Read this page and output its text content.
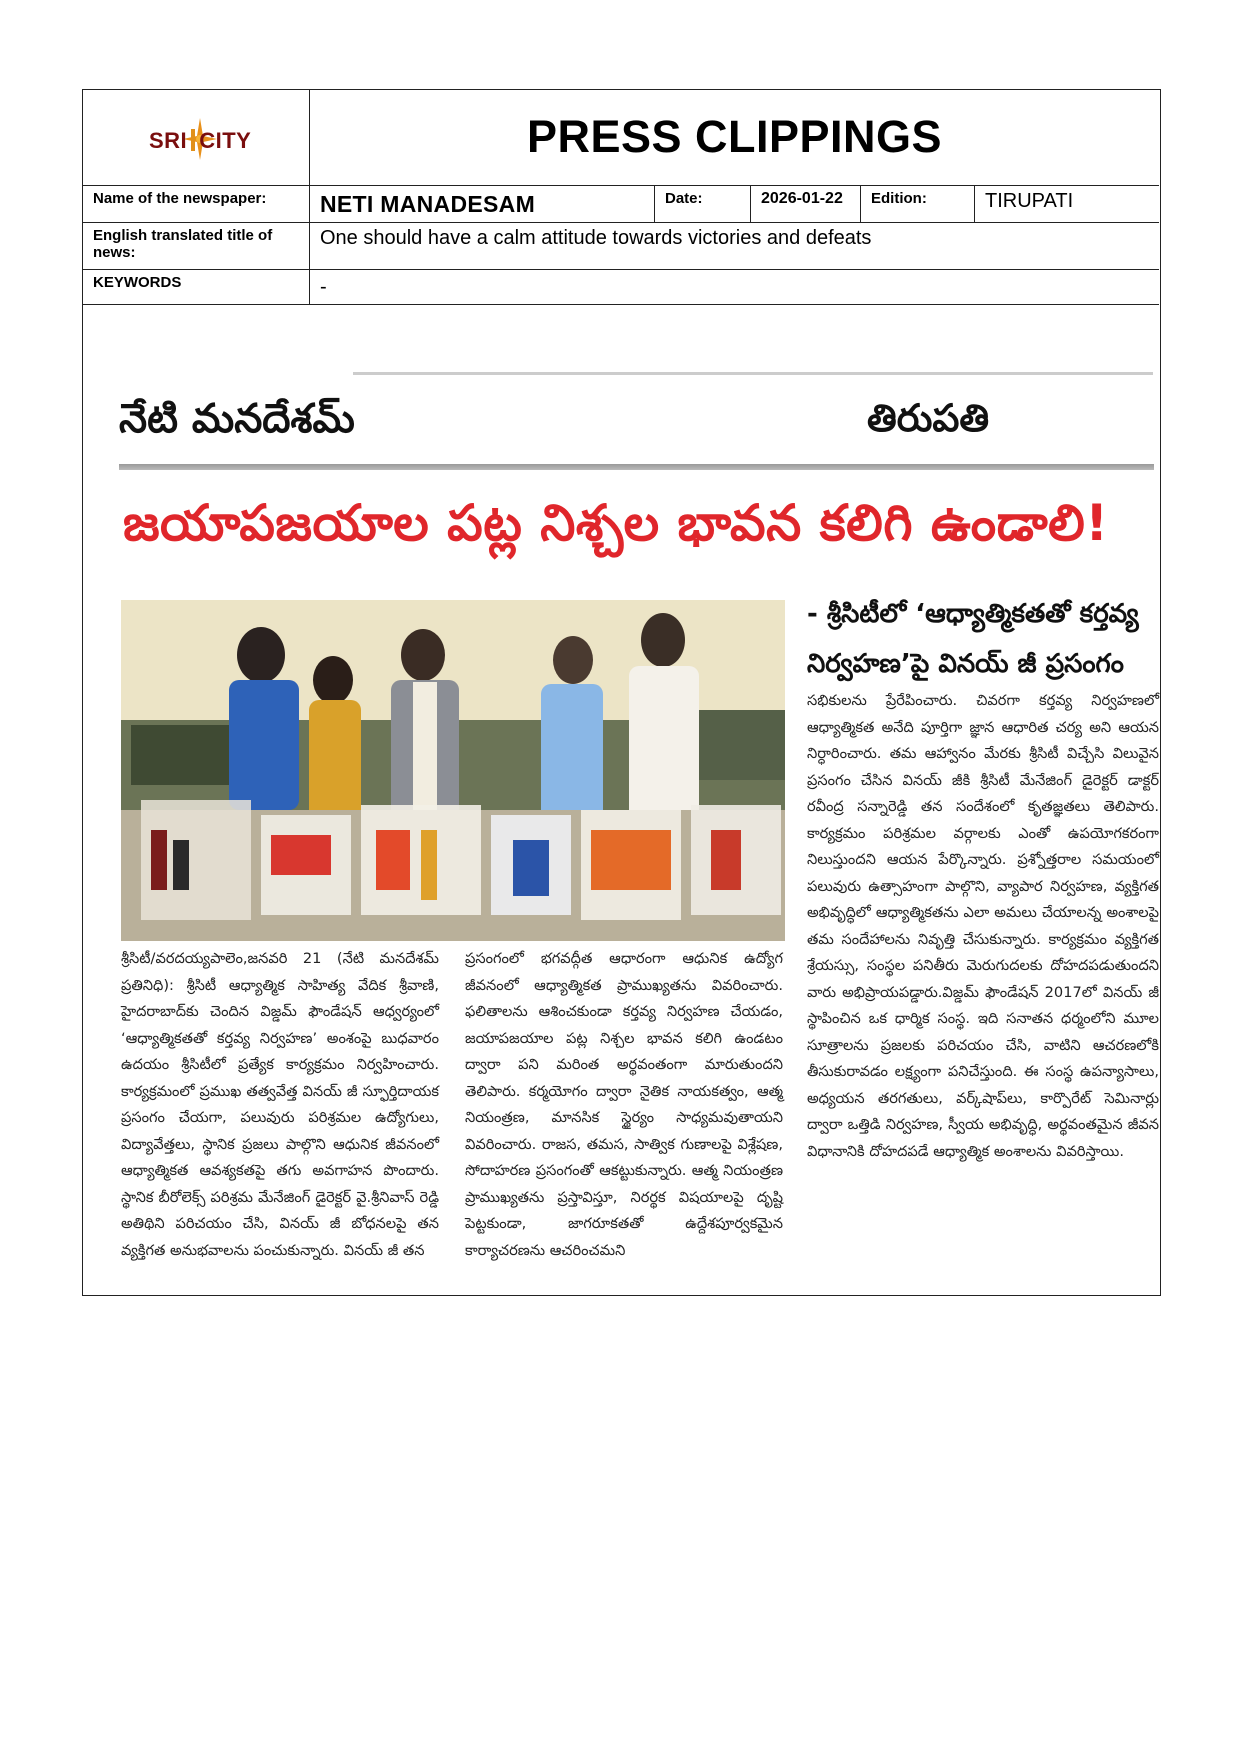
SRI CITY	PRESS CLIPPINGS
Name of the newspaper:	NETI MANADESAM	Date:	2026-01-22	Edition:	TIRUPATI
English translated title of news:
One should have a calm attitude towards victories and defeats
KEYWORDS	-
నేటి మనదేశమ్	తిరుపతి
జయాపజయాల పట్ల నిశ్చల భావన కలిగి ఉండాలి!
- శ్రీసిటీలో ‘ఆధ్యాత్మికతతో కర్తవ్య నిర్వహణ’పై వినయ్ జీ ప్రసంగం
శ్రీసిటీ/వరదయ్యపాలెం,జనవరి 21 (నేటి మనదేశమ్ ప్రతినిధి): శ్రీసిటీ ఆధ్యాత్మిక సాహిత్య వేదిక శ్రీవాణి, హైదరాబాద్‌కు చెందిన విజ్డమ్ ఫౌండేషన్ ఆధ్వర్యంలో ‘ఆధ్యాత్మికతతో కర్తవ్య నిర్వహణ’ అంశంపై బుధవారం ఉదయం శ్రీసిటీలో ప్రత్యేక కార్యక్రమం నిర్వహించారు. కార్యక్రమంలో ప్రముఖ తత్వవేత్త వినయ్ జీ స్ఫూర్తిదాయక ప్రసంగం చేయగా, పలువురు పరిశ్రమల ఉద్యోగులు, విద్యావేత్తలు, స్థానిక ప్రజలు పాల్గొని ఆధునిక జీవనంలో ఆధ్యాత్మికత ఆవశ్యకతపై తగు అవగాహన పొందారు. స్థానిక బీరోలెక్స్ పరిశ్రమ మేనేజింగ్ డైరెక్టర్ వై.శ్రీనివాస్ రెడ్డి అతిథిని పరిచయం చేసి, వినయ్ జీ బోధనలపై తన వ్యక్తిగత అనుభవాలను పంచుకున్నారు. వినయ్ జీ తన
ప్రసంగంలో భగవద్గీత ఆధారంగా ఆధునిక ఉద్యోగ జీవనంలో ఆధ్యాత్మికత ప్రాముఖ్యతను వివరించారు. ఫలితాలను ఆశించకుండా కర్తవ్య నిర్వహణ చేయడం, జయాపజయాల పట్ల నిశ్చల భావన కలిగి ఉండటం ద్వారా పని మరింత అర్థవంతంగా మారుతుందని తెలిపారు. కర్మయోగం ద్వారా నైతిక నాయకత్వం, ఆత్మ నియంత్రణ, మానసిక స్థైర్యం సాధ్యమవుతాయని వివరించారు. రాజస, తమస, సాత్విక గుణాలపై విశ్లేషణ, సోదాహరణ ప్రసంగంతో ఆకట్టుకున్నారు. ఆత్మ నియంత్రణ ప్రాముఖ్యతను ప్రస్తావిస్తూ, నిరర్థక విషయాలపై దృష్టి పెట్టకుండా, జాగరూకతతో ఉద్దేశపూర్వకమైన కార్యాచరణను ఆచరించమని
సభికులను ప్రేరేపించారు. చివరగా కర్తవ్య నిర్వహణలో ఆధ్యాత్మికత అనేది పూర్తిగా జ్ఞాన ఆధారిత చర్య అని ఆయన నిర్ధారించారు. తమ ఆహ్వానం మేరకు శ్రీసిటీ విచ్చేసి విలువైన ప్రసంగం చేసిన వినయ్ జీకి శ్రీసిటీ మేనేజింగ్ డైరెక్టర్ డాక్టర్ రవీంద్ర సన్నారెడ్డి తన సందేశంలో కృతజ్ఞతలు తెలిపారు. కార్యక్రమం పరిశ్రమల వర్గాలకు ఎంతో ఉపయోగకరంగా నిలుస్తుందని ఆయన పేర్కొన్నారు. ప్రశ్నోత్తరాల సమయంలో పలువురు ఉత్సాహంగా పాల్గొని, వ్యాపార నిర్వహణ, వ్యక్తిగత అభివృద్ధిలో ఆధ్యాత్మికతను ఎలా అమలు చేయాలన్న అంశాలపై తమ సందేహాలను నివృత్తి చేసుకున్నారు. కార్యక్రమం వ్యక్తిగత శ్రేయస్సు, సంస్థల పనితీరు మెరుగుదలకు దోహదపడుతుందని వారు అభిప్రాయపడ్డారు.విజ్డమ్ ఫౌండేషన్ 2017లో వినయ్ జీ స్థాపించిన ఒక ధార్మిక సంస్థ. ఇది సనాతన ధర్మంలోని మూల సూత్రాలను ప్రజలకు పరిచయం చేసి, వాటిని ఆచరణలోకి తీసుకురావడం లక్ష్యంగా పనిచేస్తుంది. ఈ సంస్థ ఉపన్యాసాలు, అధ్యయన తరగతులు, వర్క్‌షాప్‌లు, కార్పొరేట్ సెమినార్లు ద్వారా ఒత్తిడి నిర్వహణ, స్వీయ అభివృద్ధి, అర్థవంతమైన జీవన విధానానికి దోహదపడే ఆధ్యాత్మిక అంశాలను వివరిస్తాయి.
